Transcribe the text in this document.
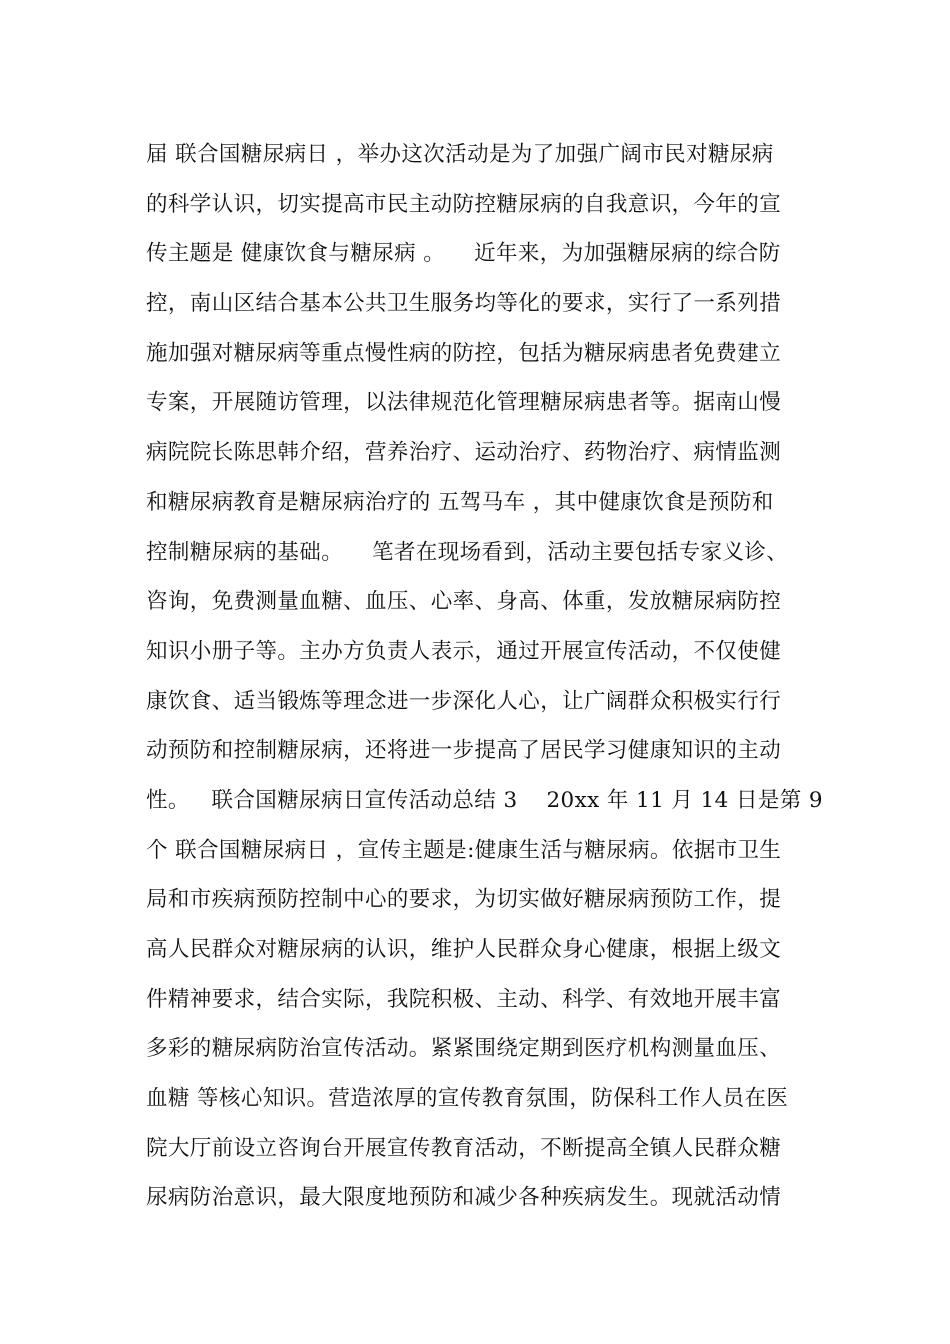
届 联合国糖尿病日 ，举办这次活动是为了加强广阔市民对糖尿病
的科学认识，切实提高市民主动防控糖尿病的自我意识，今年的宣
传主题是 健康饮食与糖尿病 。    近年来，为加强糖尿病的综合防
控，南山区结合基本公共卫生服务均等化的要求，实行了一系列措
施加强对糖尿病等重点慢性病的防控，包括为糖尿病患者免费建立
专案，开展随访管理，以法律规范化管理糖尿病患者等。据南山慢
病院院长陈思韩介绍，营养治疗、运动治疗、药物治疗、病情监测
和糖尿病教育是糖尿病治疗的 五驾马车 ，其中健康饮食是预防和
控制糖尿病的基础。    笔者在现场看到，活动主要包括专家义诊、
咨询，免费测量血糖、血压、心率、身高、体重，发放糖尿病防控
知识小册子等。主办方负责人表示，通过开展宣传活动，不仅使健
康饮食、适当锻炼等理念进一步深化人心，让广阔群众积极实行行
动预防和控制糖尿病，还将进一步提高了居民学习健康知识的主动
性。   联合国糖尿病日宣传活动总结 3    20xx 年 11 月 14 日是第 9
个 联合国糖尿病日 ，宣传主题是:健康生活与糖尿病。依据市卫生
局和市疾病预防控制中心的要求，为切实做好糖尿病预防工作，提
高人民群众对糖尿病的认识，维护人民群众身心健康，根据上级文
件精神要求，结合实际，我院积极、主动、科学、有效地开展丰富
多彩的糖尿病防治宣传活动。紧紧围绕定期到医疗机构测量血压、
血糖 等核心知识。营造浓厚的宣传教育氛围，防保科工作人员在医
院大厅前设立咨询台开展宣传教育活动，不断提高全镇人民群众糖
尿病防治意识，最大限度地预防和减少各种疾病发生。现就活动情
